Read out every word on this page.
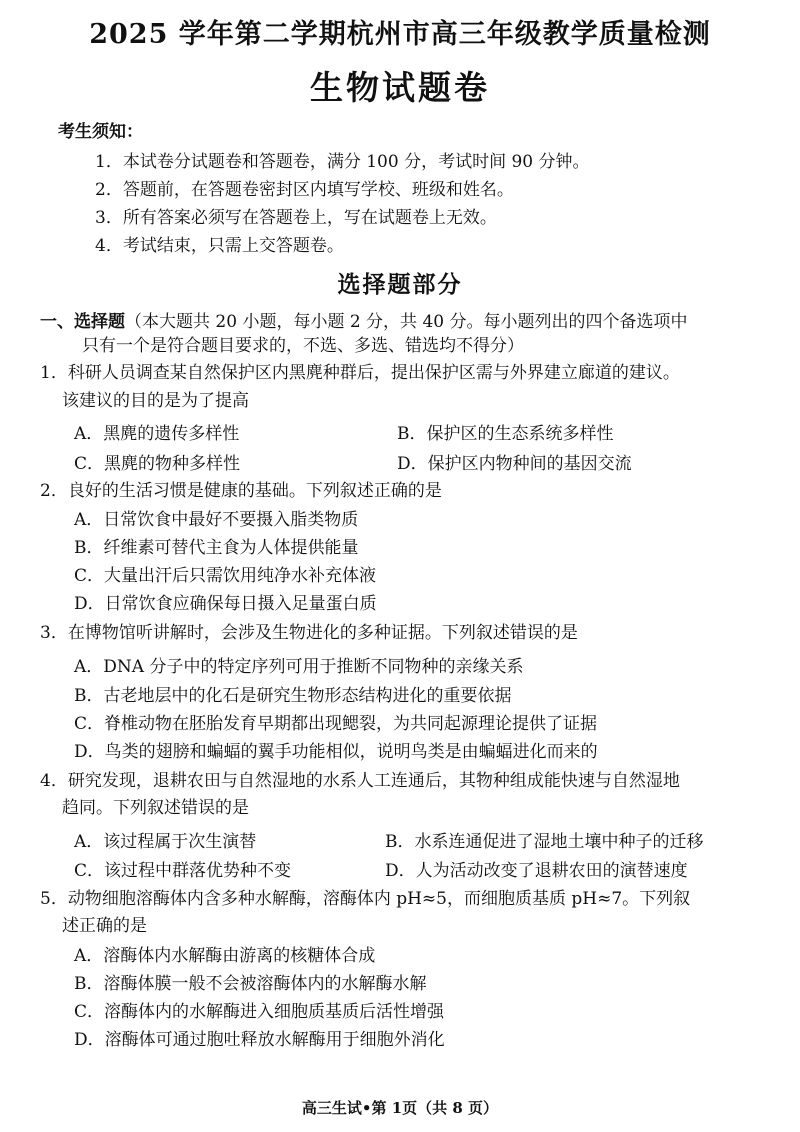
2025 学年第二学期杭州市高三年级教学质量检测
生物试题卷
考生须知：
1．本试卷分试题卷和答题卷，满分 100 分，考试时间 90 分钟。
2．答题前，在答题卷密封区内填写学校、班级和姓名。
3．所有答案必须写在答题卷上，写在试题卷上无效。
4．考试结束，只需上交答题卷。
选择题部分
一、选择题（本大题共 20 小题，每小题 2 分，共 40 分。每小题列出的四个备选项中
只有一个是符合题目要求的，不选、多选、错选均不得分）
1．科研人员调查某自然保护区内黑麂种群后，提出保护区需与外界建立廊道的建议。
该建议的目的是为了提高
A．黑麂的遗传多样性	B．保护区的生态系统多样性
C．黑麂的物种多样性	D．保护区内物种间的基因交流
2．良好的生活习惯是健康的基础。下列叙述正确的是
A．日常饮食中最好不要摄入脂类物质
B．纤维素可替代主食为人体提供能量
C．大量出汗后只需饮用纯净水补充体液
D．日常饮食应确保每日摄入足量蛋白质
3．在博物馆听讲解时，会涉及生物进化的多种证据。下列叙述错误的是
A．DNA 分子中的特定序列可用于推断不同物种的亲缘关系
B．古老地层中的化石是研究生物形态结构进化的重要依据
C．脊椎动物在胚胎发育早期都出现鳃裂，为共同起源理论提供了证据
D．鸟类的翅膀和蝙蝠的翼手功能相似，说明鸟类是由蝙蝠进化而来的
4．研究发现，退耕农田与自然湿地的水系人工连通后，其物种组成能快速与自然湿地
趋同。下列叙述错误的是
A．该过程属于次生演替	B．水系连通促进了湿地土壤中种子的迁移
C．该过程中群落优势种不变	D．人为活动改变了退耕农田的演替速度
5．动物细胞溶酶体内含多种水解酶，溶酶体内 pH≈5，而细胞质基质 pH≈7。下列叙
述正确的是
A．溶酶体内水解酶由游离的核糖体合成
B．溶酶体膜一般不会被溶酶体内的水解酶水解
C．溶酶体内的水解酶进入细胞质基质后活性增强
D．溶酶体可通过胞吐释放水解酶用于细胞外消化
高三生试•第 1页（共 8 页）
